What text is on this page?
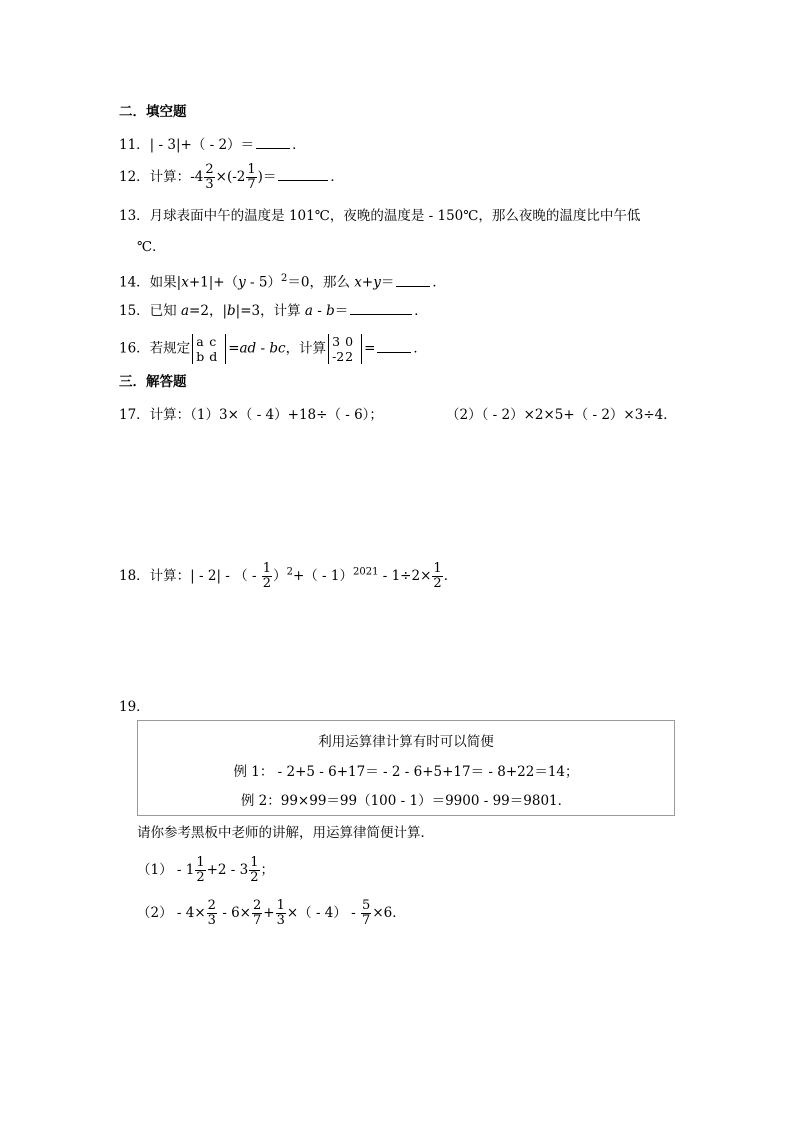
二．填空题
11．| - 3|+（ - 2）＝	．
12．计算：$-4 \frac{2}{3} \times(-2 \frac{1}{7}$ )＝	．
13．月球表面中午的温度是 101℃，夜晚的温度是 - 150℃，那么夜晚的温度比中午低
℃．
14．如果|x+1|+（y - 5）$^2$＝0，那么 x+y＝	．
15．已知 a=2，|b|=3，计算 a - b＝	．
16．若规定 a c
b d =ad - bc，计算 3 0
-22 =	．
三．解答题
17．计算：（1）3×（ - 4）+18÷（ - 6）；	（2）（ - 2）×2×5+（ - 2）×3÷4．
18．计算：| - 2| - （ - $\frac{1}{2} )^2+( - 1)^{2021} - 1\div 2\times \frac{1}{2}$ ．
19．
利用运算律计算有时可以简便
例 1： - 2+5 - 6+17＝ - 2 - 6+5+17＝ - 8+22＝14；
例 2：99×99＝99（100 - 1）＝9900 - 99＝9801．
请你参考黑板中老师的讲解，用运算律简便计算．
$(1) - 1 \frac{1}{2} +2 - 3 \frac{1}{2}$ ；
$(2) - 4\times \frac{2}{3} - 6\times \frac{2}{7} + \frac{1}{3}$ ×（ - $4) - \frac{5}{7} \times 6$．
